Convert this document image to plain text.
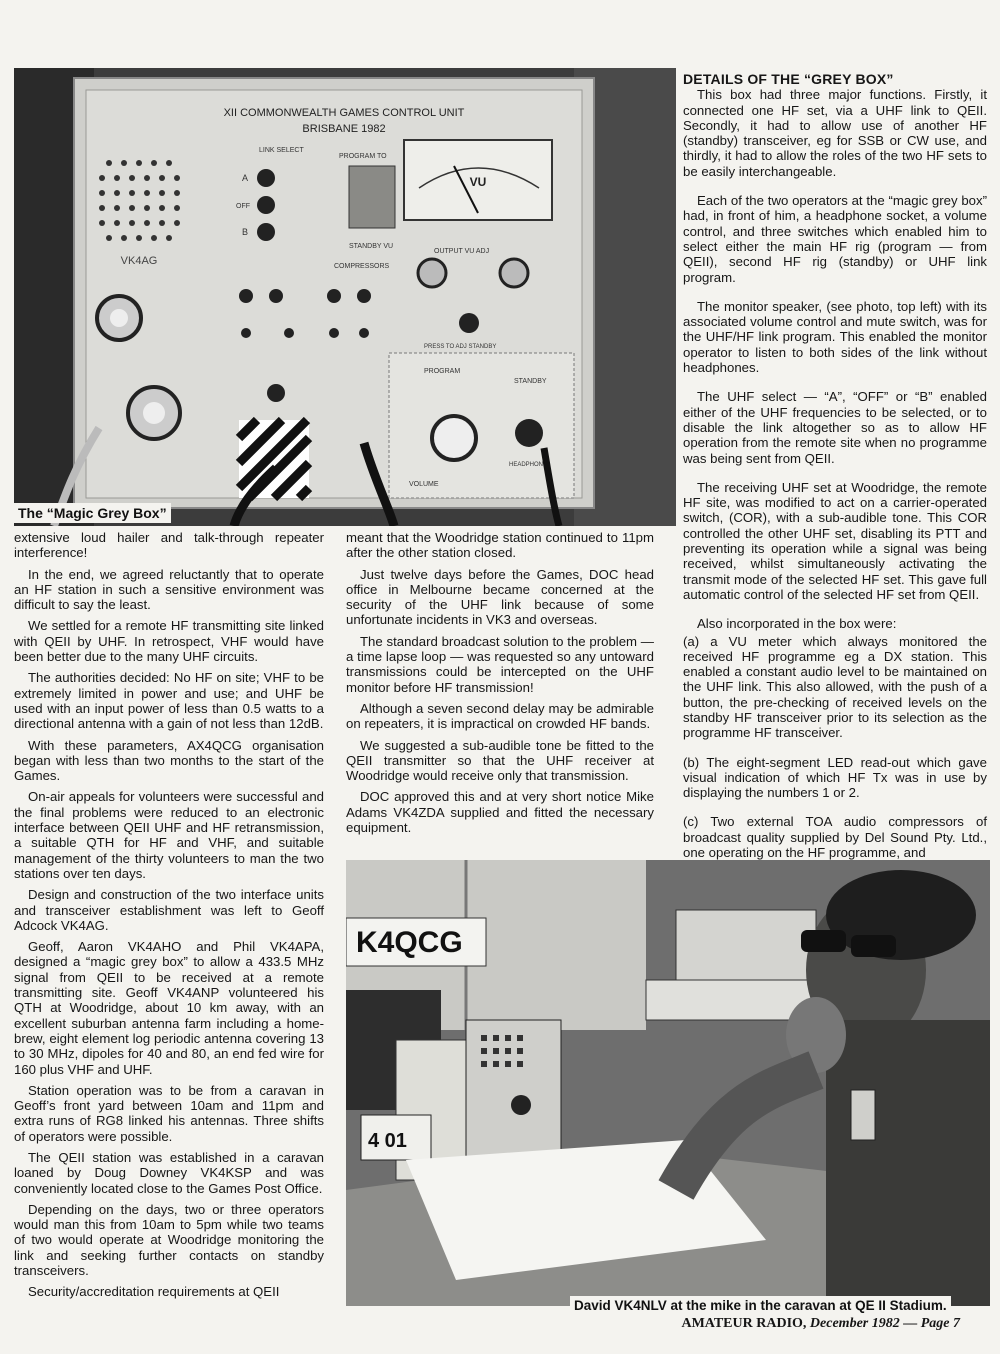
XII COMMONWEALTH GAMES CONTROL UNIT
BRISBANE 1982
VK4AG
LINK SELECT
A
OFF
B
PROGRAM TO
STANDBY VU
VU
OUTPUT VU ADJ
PRESS TO ADJ STANDBY
COMPRESSORS
PROGRAM
STANDBY
VOLUME
HEADPHONE
The “Magic Grey Box”
DETAILS OF THE “GREY BOX”

This box had three major functions. Firstly, it connected one HF set, via a UHF link to QEII. Secondly, it had to allow use of another HF (standby) transceiver, eg for SSB or CW use, and thirdly, it had to allow the roles of the two HF sets to be easily interchangeable.

Each of the two operators at the “magic grey box” had, in front of him, a headphone socket, a volume control, and three switches which enabled him to select either the main HF rig (program — from QEII), second HF rig (standby) or UHF link program.

The monitor speaker, (see photo, top left) with its associated volume control and mute switch, was for the UHF/HF link program. This enabled the monitor operator to listen to both sides of the link without headphones.

The UHF select — “A”, “OFF” or “B” enabled either of the UHF frequencies to be selected, or to disable the link altogether so as to allow HF operation from the remote site when no programme was being sent from QEII.

The receiving UHF set at Woodridge, the remote HF site, was modified to act on a carrier-operated switch, (COR), with a sub-audible tone. This COR controlled the other UHF set, disabling its PTT and preventing its operation while a signal was being received, whilst simultaneously activating the transmit mode of the selected HF set. This gave full automatic control of the selected HF set from QEII.

Also incorporated in the box were:

(a) a VU meter which always monitored the received HF programme eg a DX station. This enabled a constant audio level to be maintained on the UHF link. This also allowed, with the push of a button, the pre-checking of received levels on the standby HF transceiver prior to its selection as the programme HF transceiver.

(b) The eight-segment LED read-out which gave visual indication of which HF Tx was in use by displaying the numbers 1 or 2.

(c) Two external TOA audio compressors of broadcast quality supplied by Del Sound Pty. Ltd., one operating on the HF programme, and

extensive loud hailer and talk-through repeater interference!

In the end, we agreed reluctantly that to operate an HF station in such a sensitive environment was difficult to say the least.

We settled for a remote HF transmitting site linked with QEII by UHF. In retrospect, VHF would have been better due to the many UHF circuits.

The authorities decided: No HF on site; VHF to be extremely limited in power and use; and UHF be used with an input power of less than 0.5 watts to a directional antenna with a gain of not less than 12dB.

With these parameters, AX4QCG organisation began with less than two months to the start of the Games.

On-air appeals for volunteers were successful and the final problems were reduced to an electronic interface between QEII UHF and HF retransmission, a suitable QTH for HF and VHF, and suitable management of the thirty volunteers to man the two stations over ten days.

Design and construction of the two interface units and transceiver establishment was left to Geoff Adcock VK4AG.

Geoff, Aaron VK4AHO and Phil VK4APA, designed a “magic grey box” to allow a 433.5 MHz signal from QEII to be received at a remote transmitting site. Geoff VK4ANP volunteered his QTH at Woodridge, about 10 km away, with an excellent suburban antenna farm including a home-brew, eight element log periodic antenna covering 13 to 30 MHz, dipoles for 40 and 80, an end fed wire for 160 plus VHF and UHF.

Station operation was to be from a caravan in Geoff’s front yard between 10am and 11pm and extra runs of RG8 linked his antennas. Three shifts of operators were possible.

The QEII station was established in a caravan loaned by Doug Downey VK4KSP and was conveniently located close to the Games Post Office.

Depending on the days, two or three operators would man this from 10am to 5pm while two teams of two would operate at Woodridge monitoring the link and seeking further contacts on standby transceivers.

Security/accreditation requirements at QEII

meant that the Woodridge station continued to 11pm after the other station closed.

Just twelve days before the Games, DOC head office in Melbourne became concerned at the security of the UHF link because of some unfortunate incidents in VK3 and overseas.

The standard broadcast solution to the problem — a time lapse loop — was requested so any untoward transmissions could be intercepted on the UHF monitor before HF transmission!

Although a seven second delay may be admirable on repeaters, it is impractical on crowded HF bands.

We suggested a sub-audible tone be fitted to the QEII transmitter so that the UHF receiver at Woodridge would receive only that transmission.

DOC approved this and at very short notice Mike Adams VK4ZDA supplied and fitted the necessary equipment.

K4QCG
4 01
David VK4NLV at the mike in the caravan at QE II Stadium.
AMATEUR RADIO, December 1982 — Page 7
